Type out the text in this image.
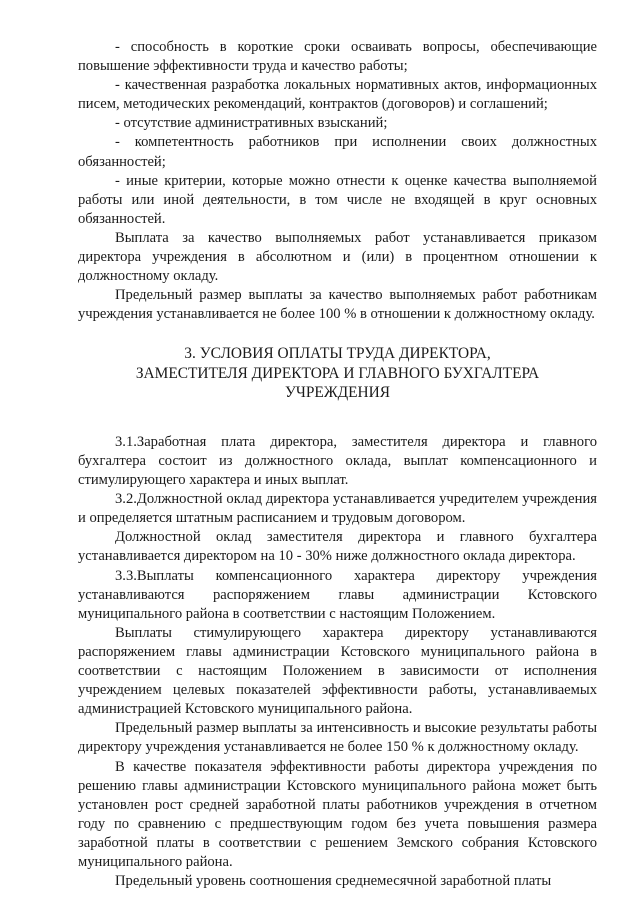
- способность в короткие сроки осваивать вопросы, обеспечивающие повышение эффективности труда и качество работы;

- качественная разработка локальных нормативных актов, информационных писем, методических рекомендаций, контрактов (договоров) и соглашений;

- отсутствие административных взысканий;

- компетентность работников при исполнении своих должностных обязанностей;

- иные критерии, которые можно отнести к оценке качества выполняемой работы или иной деятельности, в том числе не входящей в круг основных обязанностей.

Выплата за качество выполняемых работ устанавливается приказом директора учреждения в абсолютном и (или) в процентном отношении к должностному окладу.

Предельный размер выплаты за качество выполняемых работ работникам учреждения устанавливается не более 100 % в отношении к должностному окладу.

3. УСЛОВИЯ ОПЛАТЫ ТРУДА ДИРЕКТОРА,
ЗАМЕСТИТЕЛЯ ДИРЕКТОРА И ГЛАВНОГО БУХГАЛТЕРА
УЧРЕЖДЕНИЯ

3.1.Заработная плата директора, заместителя директора и главного бухгалтера состоит из должностного оклада, выплат компенсационного и стимулирующего характера и иных выплат.

3.2.Должностной оклад директора устанавливается учредителем учреждения и определяется штатным расписанием и трудовым договором.

Должностной оклад заместителя директора и главного бухгалтера устанавливается директором на 10 - 30% ниже должностного оклада директора.

3.3.Выплаты компенсационного характера директору учреждения устанавливаются распоряжением главы администрации Кстовского муниципального района в соответствии с настоящим Положением.

Выплаты стимулирующего характера директору устанавливаются распоряжением главы администрации Кстовского муниципального района в соответствии с настоящим Положением в зависимости от исполнения учреждением целевых показателей эффективности работы, устанавливаемых администрацией Кстовского муниципального района.

Предельный размер выплаты за интенсивность и высокие результаты работы директору учреждения устанавливается не более 150 % к должностному окладу.

В качестве показателя эффективности работы директора учреждения по решению главы администрации Кстовского муниципального района может быть установлен рост средней заработной платы работников учреждения в отчетном году по сравнению с предшествующим годом без учета повышения размера заработной платы в соответствии с решением Земского собрания Кстовского муниципального района.

Предельный уровень соотношения среднемесячной заработной платы
